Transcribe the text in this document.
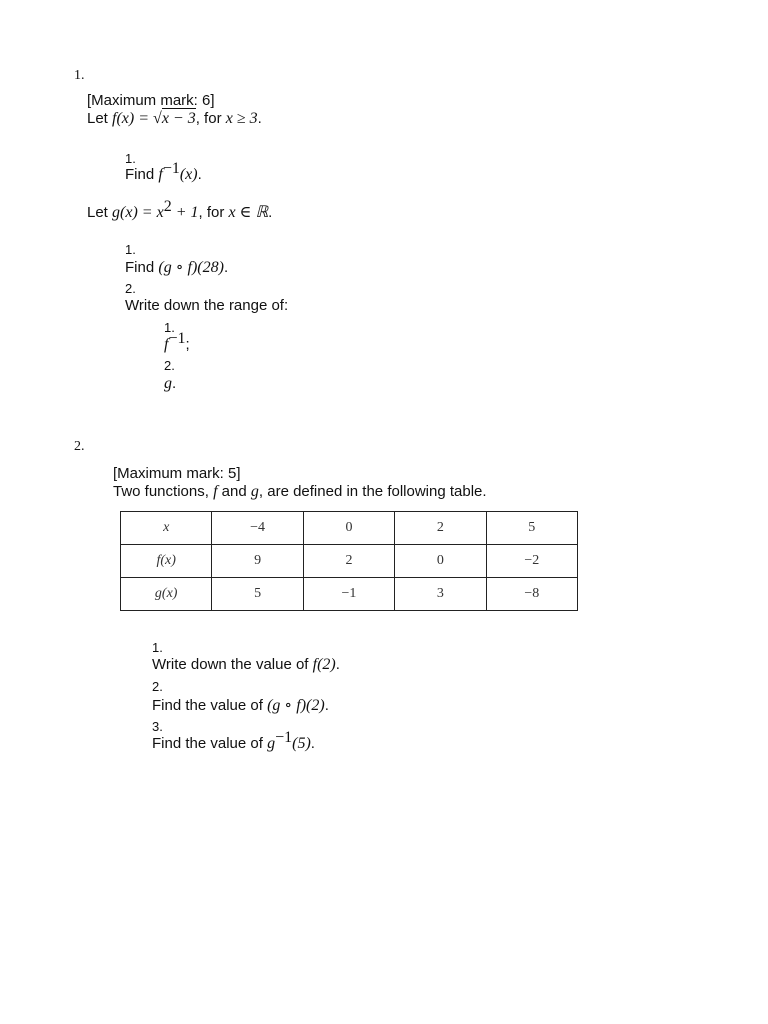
1.
[Maximum mark: 6]
Let f(x) = √x − 3, for x ≥ 3.
1.
Find $f^{-1}(x)$.
Let $g(x) = x^2 + 1$, for x ∈ ℝ.
1.
Find (g ∘ f)(28).
2.
Write down the range of:
1.
$f^{-1}$;
2.
g.
2.
[Maximum mark: 5]
Two functions, f and g, are defined in the following table.
x	−4	0	2	5
f(x)	9	2	0	−2
g(x)	5	−1	3	−8
1.
Write down the value of f(2).
2.
Find the value of (g ∘ f)(2).
3.
Find the value of $g^{-1}(5)$.
